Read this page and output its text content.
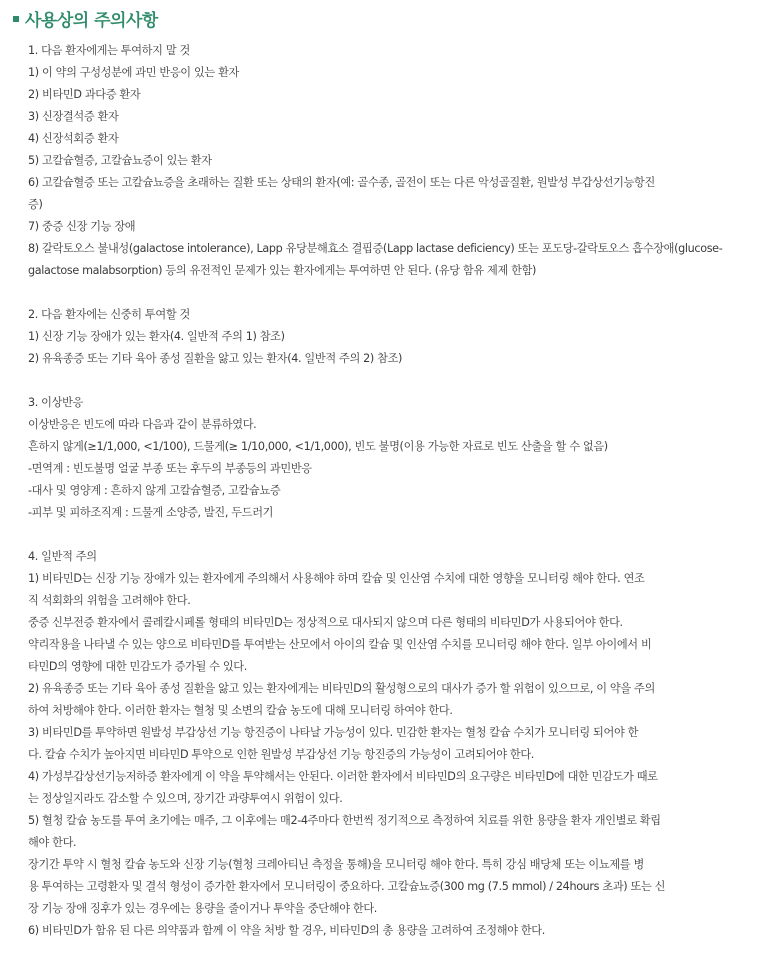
사용상의 주의사항
1. 다음 환자에게는 투여하지 말 것
1) 이 약의 구성성분에 과민 반응이 있는 환자
2) 비타민D 과다증 환자
3) 신장결석증 환자
4) 신장석회증 환자
5) 고칼슘혈증, 고칼슘뇨증이 있는 환자
6) 고칼슘혈증 또는 고칼슘뇨증을 초래하는 질환 또는 상태의 환자(예: 골수종, 골전이 또는 다른 악성골질환, 원발성 부갑상선기능항진
증)
7) 중증 신장 기능 장애
8) 갈락토오스 불내성(galactose intolerance), Lapp 유당분해효소 결핍증(Lapp lactase deficiency) 또는 포도당-갈락토오스 흡수장애(glucose-
galactose malabsorption) 등의 유전적인 문제가 있는 환자에게는 투여하면 안 된다. (유당 함유 제제 한함)
2. 다음 환자에는 신중히 투여할 것
1) 신장 기능 장애가 있는 환자(4. 일반적 주의 1) 참조)
2) 유육종증 또는 기타 육아 종성 질환을 앓고 있는 환자(4. 일반적 주의 2) 참조)
3. 이상반응
이상반응은 빈도에 따라 다음과 같이 분류하였다.
흔하지 않게(≥1/1,000, <1/100), 드물게(≥ 1/10,000, <1/1,000), 빈도 불명(이용 가능한 자료로 빈도 산출을 할 수 없음)
-면역계 : 빈도불명 얼굴 부종 또는 후두의 부종등의 과민반응
-대사 및 영양계 : 흔하지 않게 고칼슘혈증, 고칼슘뇨증
-피부 및 피하조직계 : 드물게 소양증, 발진, 두드러기
4. 일반적 주의
1) 비타민D는 신장 기능 장애가 있는 환자에게 주의해서 사용해야 하며 칼슘 및 인산염 수치에 대한 영향을 모니터링 해야 한다. 연조
직 석회화의 위험을 고려해야 한다.
중증 신부전증 환자에서 콜레칼시페롤 형태의 비타민D는 정상적으로 대사되지 않으며 다른 형태의 비타민D가 사용되어야 한다.
약리작용을 나타낼 수 있는 양으로 비타민D를 투여받는 산모에서 아이의 칼슘 및 인산염 수치를 모니터링 해야 한다. 일부 아이에서 비
타민D의 영향에 대한 민감도가 증가될 수 있다.
2) 유육종증 또는 기타 육아 종성 질환을 앓고 있는 환자에게는 비타민D의 활성형으로의 대사가 증가 할 위험이 있으므로, 이 약을 주의
하여 처방해야 한다. 이러한 환자는 혈청 및 소변의 칼슘 농도에 대해 모니터링 하여야 한다.
3) 비타민D를 투약하면 원발성 부갑상선 기능 항진증이 나타날 가능성이 있다. 민감한 환자는 혈청 칼슘 수치가 모니터링 되어야 한
다. 칼슘 수치가 높아지면 비타민D 투약으로 인한 원발성 부갑상선 기능 항진증의 가능성이 고려되어야 한다.
4) 가성부갑상선기능저하증 환자에게 이 약을 투약해서는 안된다. 이러한 환자에서 비타민D의 요구량은 비타민D에 대한 민감도가 때로
는 정상일지라도 감소할 수 있으며, 장기간 과량투여시 위험이 있다.
5) 혈청 칼슘 농도를 투여 초기에는 매주, 그 이후에는 매2-4주마다 한번씩 정기적으로 측정하여 치료를 위한 용량을 환자 개인별로 확립
해야 한다.
장기간 투약 시 혈청 칼슘 농도와 신장 기능(혈청 크레아티닌 측정을 통해)을 모니터링 해야 한다. 특히 강심 배당체 또는 이뇨제를 병
용 투여하는 고령환자 및 결석 형성이 증가한 환자에서 모니터링이 중요하다. 고칼슘뇨증(300 mg (7.5 mmol) / 24hours 초과) 또는 신
장 기능 장애 징후가 있는 경우에는 용량을 줄이거나 투약을 중단해야 한다.
6) 비타민D가 함유 된 다른 의약품과 함께 이 약을 처방 할 경우, 비타민D의 총 용량을 고려하여 조정해야 한다.
